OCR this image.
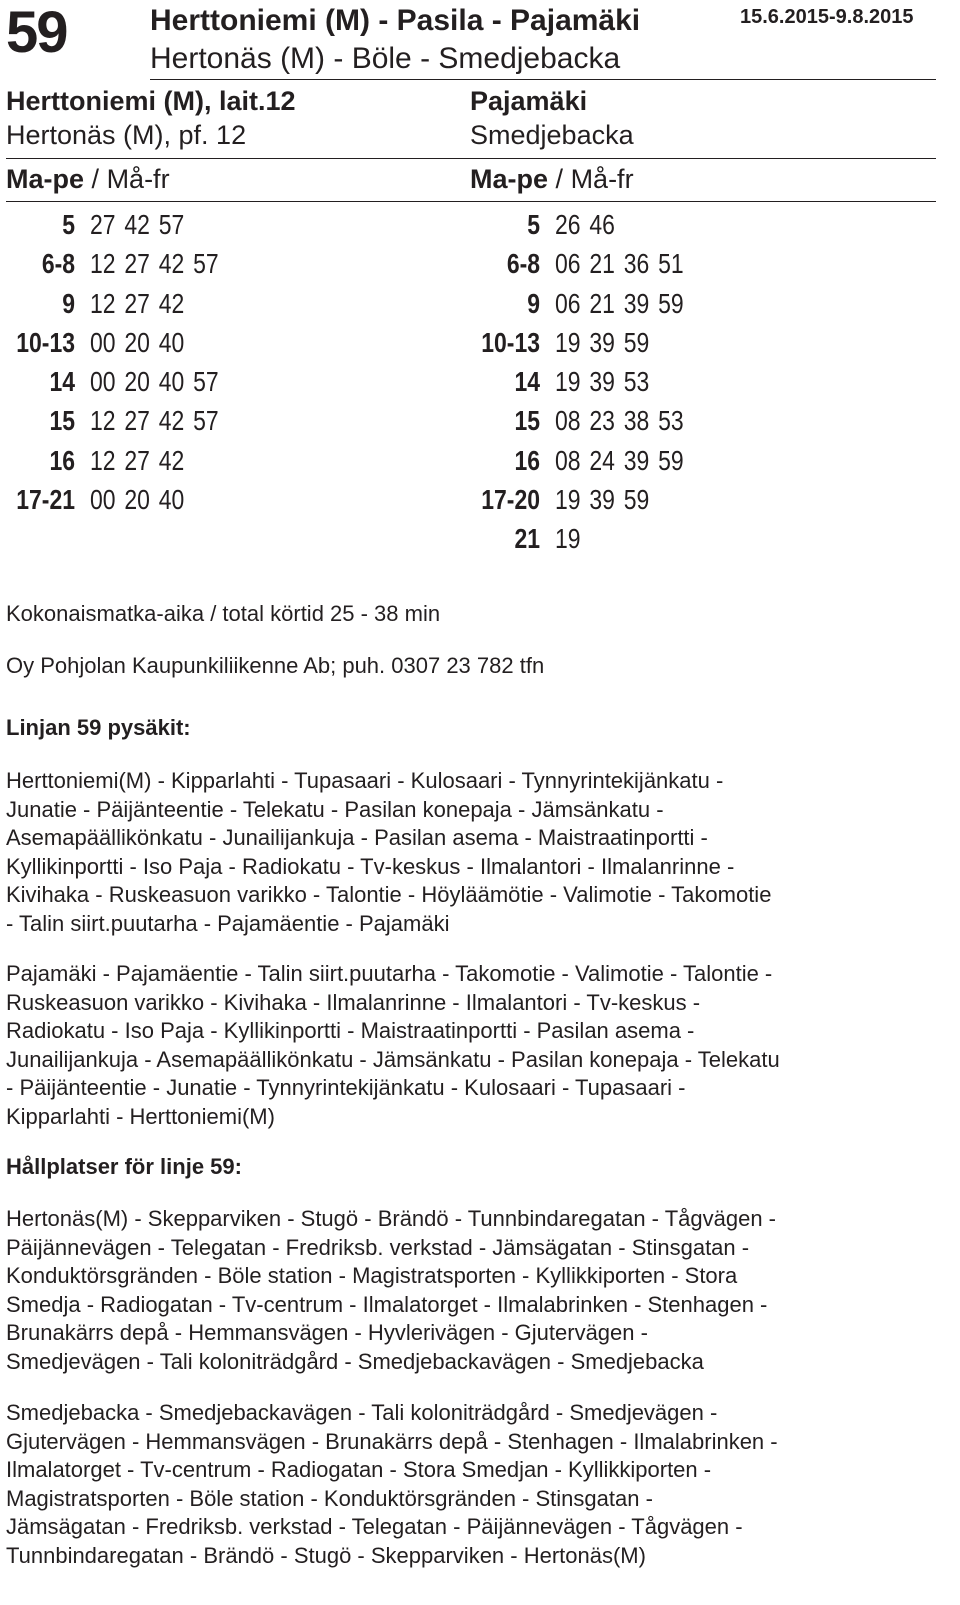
59	Herttoniemi (M) - Pasila - Pajamäki
Hertonäs (M) - Böle - Smedjebacka
15.6.2015-9.8.2015
Herttoniemi (M), lait.12
Hertonäs (M), pf. 12
Pajamäki
Smedjebacka
Ma-pe / Må-fr	Ma-pe / Må-fr
5 27 42 57
6-8 12 27 42 57
9 12 27 42
10-13 00 20 40
14 00 20 40 57
15 12 27 42 57
16 12 27 42
17-21 00 20 40
5 26 46
6-8 06 21 36 51
9 06 21 39 59
10-13 19 39 59
14 19 39 53
15 08 23 38 53
16 08 24 39 59
17-20 19 39 59
21 19
Kokonaismatka-aika / total körtid 25 - 38 min
Oy Pohjolan Kaupunkiliikenne Ab; puh. 0307 23 782 tfn
Linjan 59 pysäkit:
Herttoniemi(M) - Kipparlahti - Tupasaari - Kulosaari - Tynnyrintekijänkatu -
Junatie - Päijänteentie - Telekatu - Pasilan konepaja - Jämsänkatu -
Asemapäällikönkatu - Junailijankuja - Pasilan asema - Maistraatinportti -
Kyllikinportti - Iso Paja - Radiokatu - Tv-keskus - Ilmalantori - Ilmalanrinne -
Kivihaka - Ruskeasuon varikko - Talontie - Höyläämötie - Valimotie - Takomotie
- Talin siirt.puutarha - Pajamäentie - Pajamäki
Pajamäki - Pajamäentie - Talin siirt.puutarha - Takomotie - Valimotie - Talontie -
Ruskeasuon varikko - Kivihaka - Ilmalanrinne - Ilmalantori - Tv-keskus -
Radiokatu - Iso Paja - Kyllikinportti - Maistraatinportti - Pasilan asema -
Junailijankuja - Asemapäällikönkatu - Jämsänkatu - Pasilan konepaja - Telekatu
- Päijänteentie - Junatie - Tynnyrintekijänkatu - Kulosaari - Tupasaari -
Kipparlahti - Herttoniemi(M)
Hållplatser för linje 59:
Hertonäs(M) - Skepparviken - Stugö - Brändö - Tunnbindaregatan - Tågvägen -
Päijännevägen - Telegatan - Fredriksb. verkstad - Jämsägatan - Stinsgatan -
Konduktörsgränden - Böle station - Magistratsporten - Kyllikkiporten - Stora
Smedja - Radiogatan - Tv-centrum - Ilmalatorget - Ilmalabrinken - Stenhagen -
Brunakärrs depå - Hemmansvägen - Hyvlerivägen - Gjutervägen -
Smedjevägen - Tali koloniträdgård - Smedjebackavägen - Smedjebacka
Smedjebacka - Smedjebackavägen - Tali koloniträdgård - Smedjevägen -
Gjutervägen - Hemmansvägen - Brunakärrs depå - Stenhagen - Ilmalabrinken -
Ilmalatorget - Tv-centrum - Radiogatan - Stora Smedjan - Kyllikkiporten -
Magistratsporten - Böle station - Konduktörsgränden - Stinsgatan -
Jämsägatan - Fredriksb. verkstad - Telegatan - Päijännevägen - Tågvägen -
Tunnbindaregatan - Brändö - Stugö - Skepparviken - Hertonäs(M)
